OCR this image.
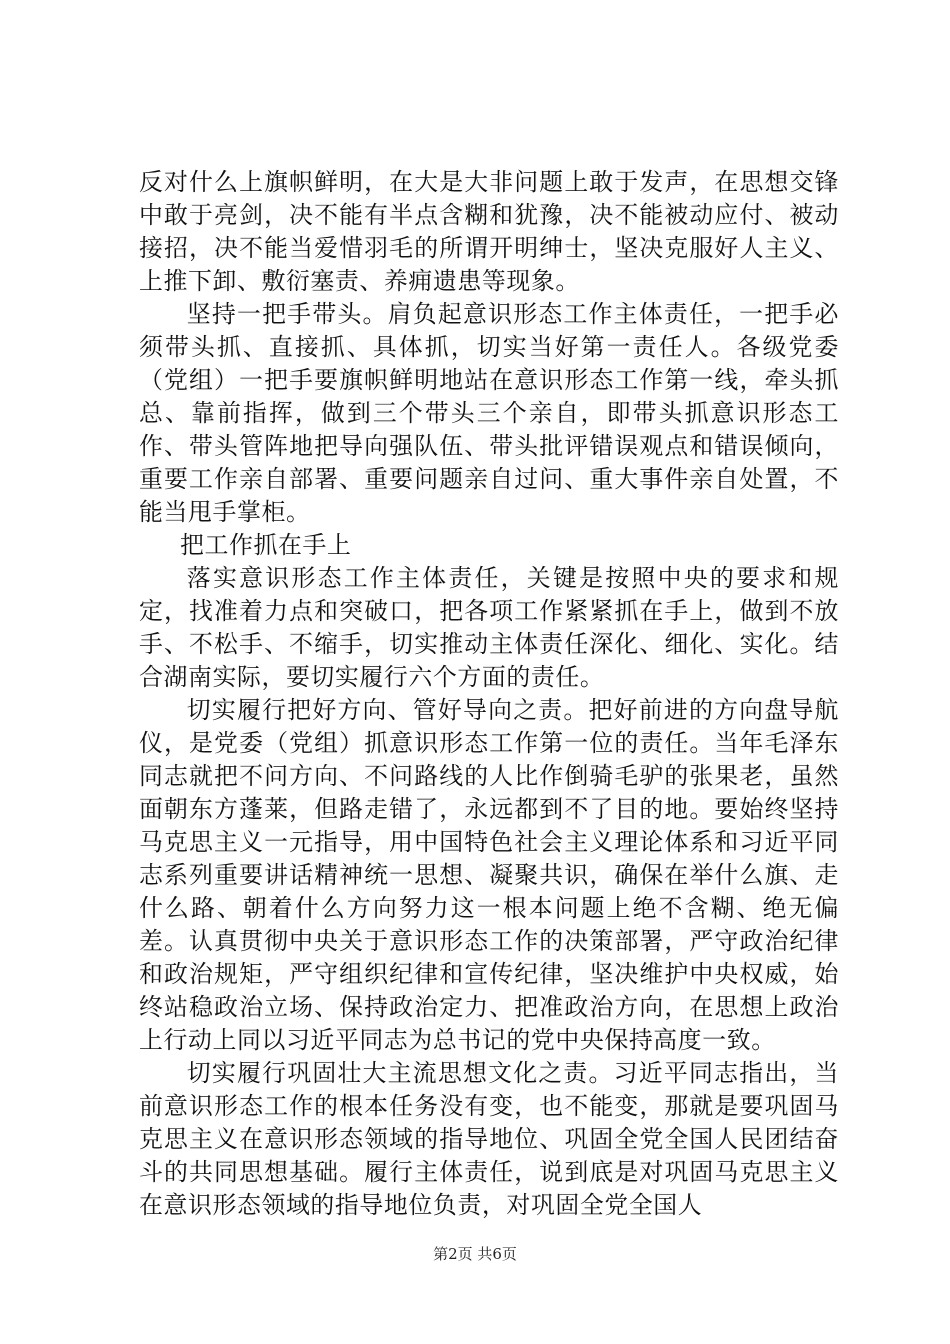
反对什么上旗帜鲜明，在大是大非问题上敢于发声，在思想交锋中敢于亮剑，决不能有半点含糊和犹豫，决不能被动应付、被动接招，决不能当爱惜羽毛的所谓开明绅士，坚决克服好人主义、上推下卸、敷衍塞责、养痈遗患等现象。

坚持一把手带头。肩负起意识形态工作主体责任，一把手必须带头抓、直接抓、具体抓，切实当好第一责任人。各级党委（党组）一把手要旗帜鲜明地站在意识形态工作第一线，牵头抓总、靠前指挥，做到三个带头三个亲自，即带头抓意识形态工作、带头管阵地把导向强队伍、带头批评错误观点和错误倾向，重要工作亲自部署、重要问题亲自过问、重大事件亲自处置，不能当甩手掌柜。

把工作抓在手上

落实意识形态工作主体责任，关键是按照中央的要求和规定，找准着力点和突破口，把各项工作紧紧抓在手上，做到不放手、不松手、不缩手，切实推动主体责任深化、细化、实化。结合湖南实际，要切实履行六个方面的责任。

切实履行把好方向、管好导向之责。把好前进的方向盘导航仪，是党委（党组）抓意识形态工作第一位的责任。当年毛泽东同志就把不问方向、不问路线的人比作倒骑毛驴的张果老，虽然面朝东方蓬莱，但路走错了，永远都到不了目的地。要始终坚持马克思主义一元指导，用中国特色社会主义理论体系和习近平同志系列重要讲话精神统一思想、凝聚共识，确保在举什么旗、走什么路、朝着什么方向努力这一根本问题上绝不含糊、绝无偏差。认真贯彻中央关于意识形态工作的决策部署，严守政治纪律和政治规矩，严守组织纪律和宣传纪律，坚决维护中央权威，始终站稳政治立场、保持政治定力、把准政治方向，在思想上政治上行动上同以习近平同志为总书记的党中央保持高度一致。

切实履行巩固壮大主流思想文化之责。习近平同志指出，当前意识形态工作的根本任务没有变，也不能变，那就是要巩固马克思主义在意识形态领域的指导地位、巩固全党全国人民团结奋斗的共同思想基础。履行主体责任，说到底是对巩固马克思主义在意识形态领域的指导地位负责，对巩固全党全国人

第2页 共6页
